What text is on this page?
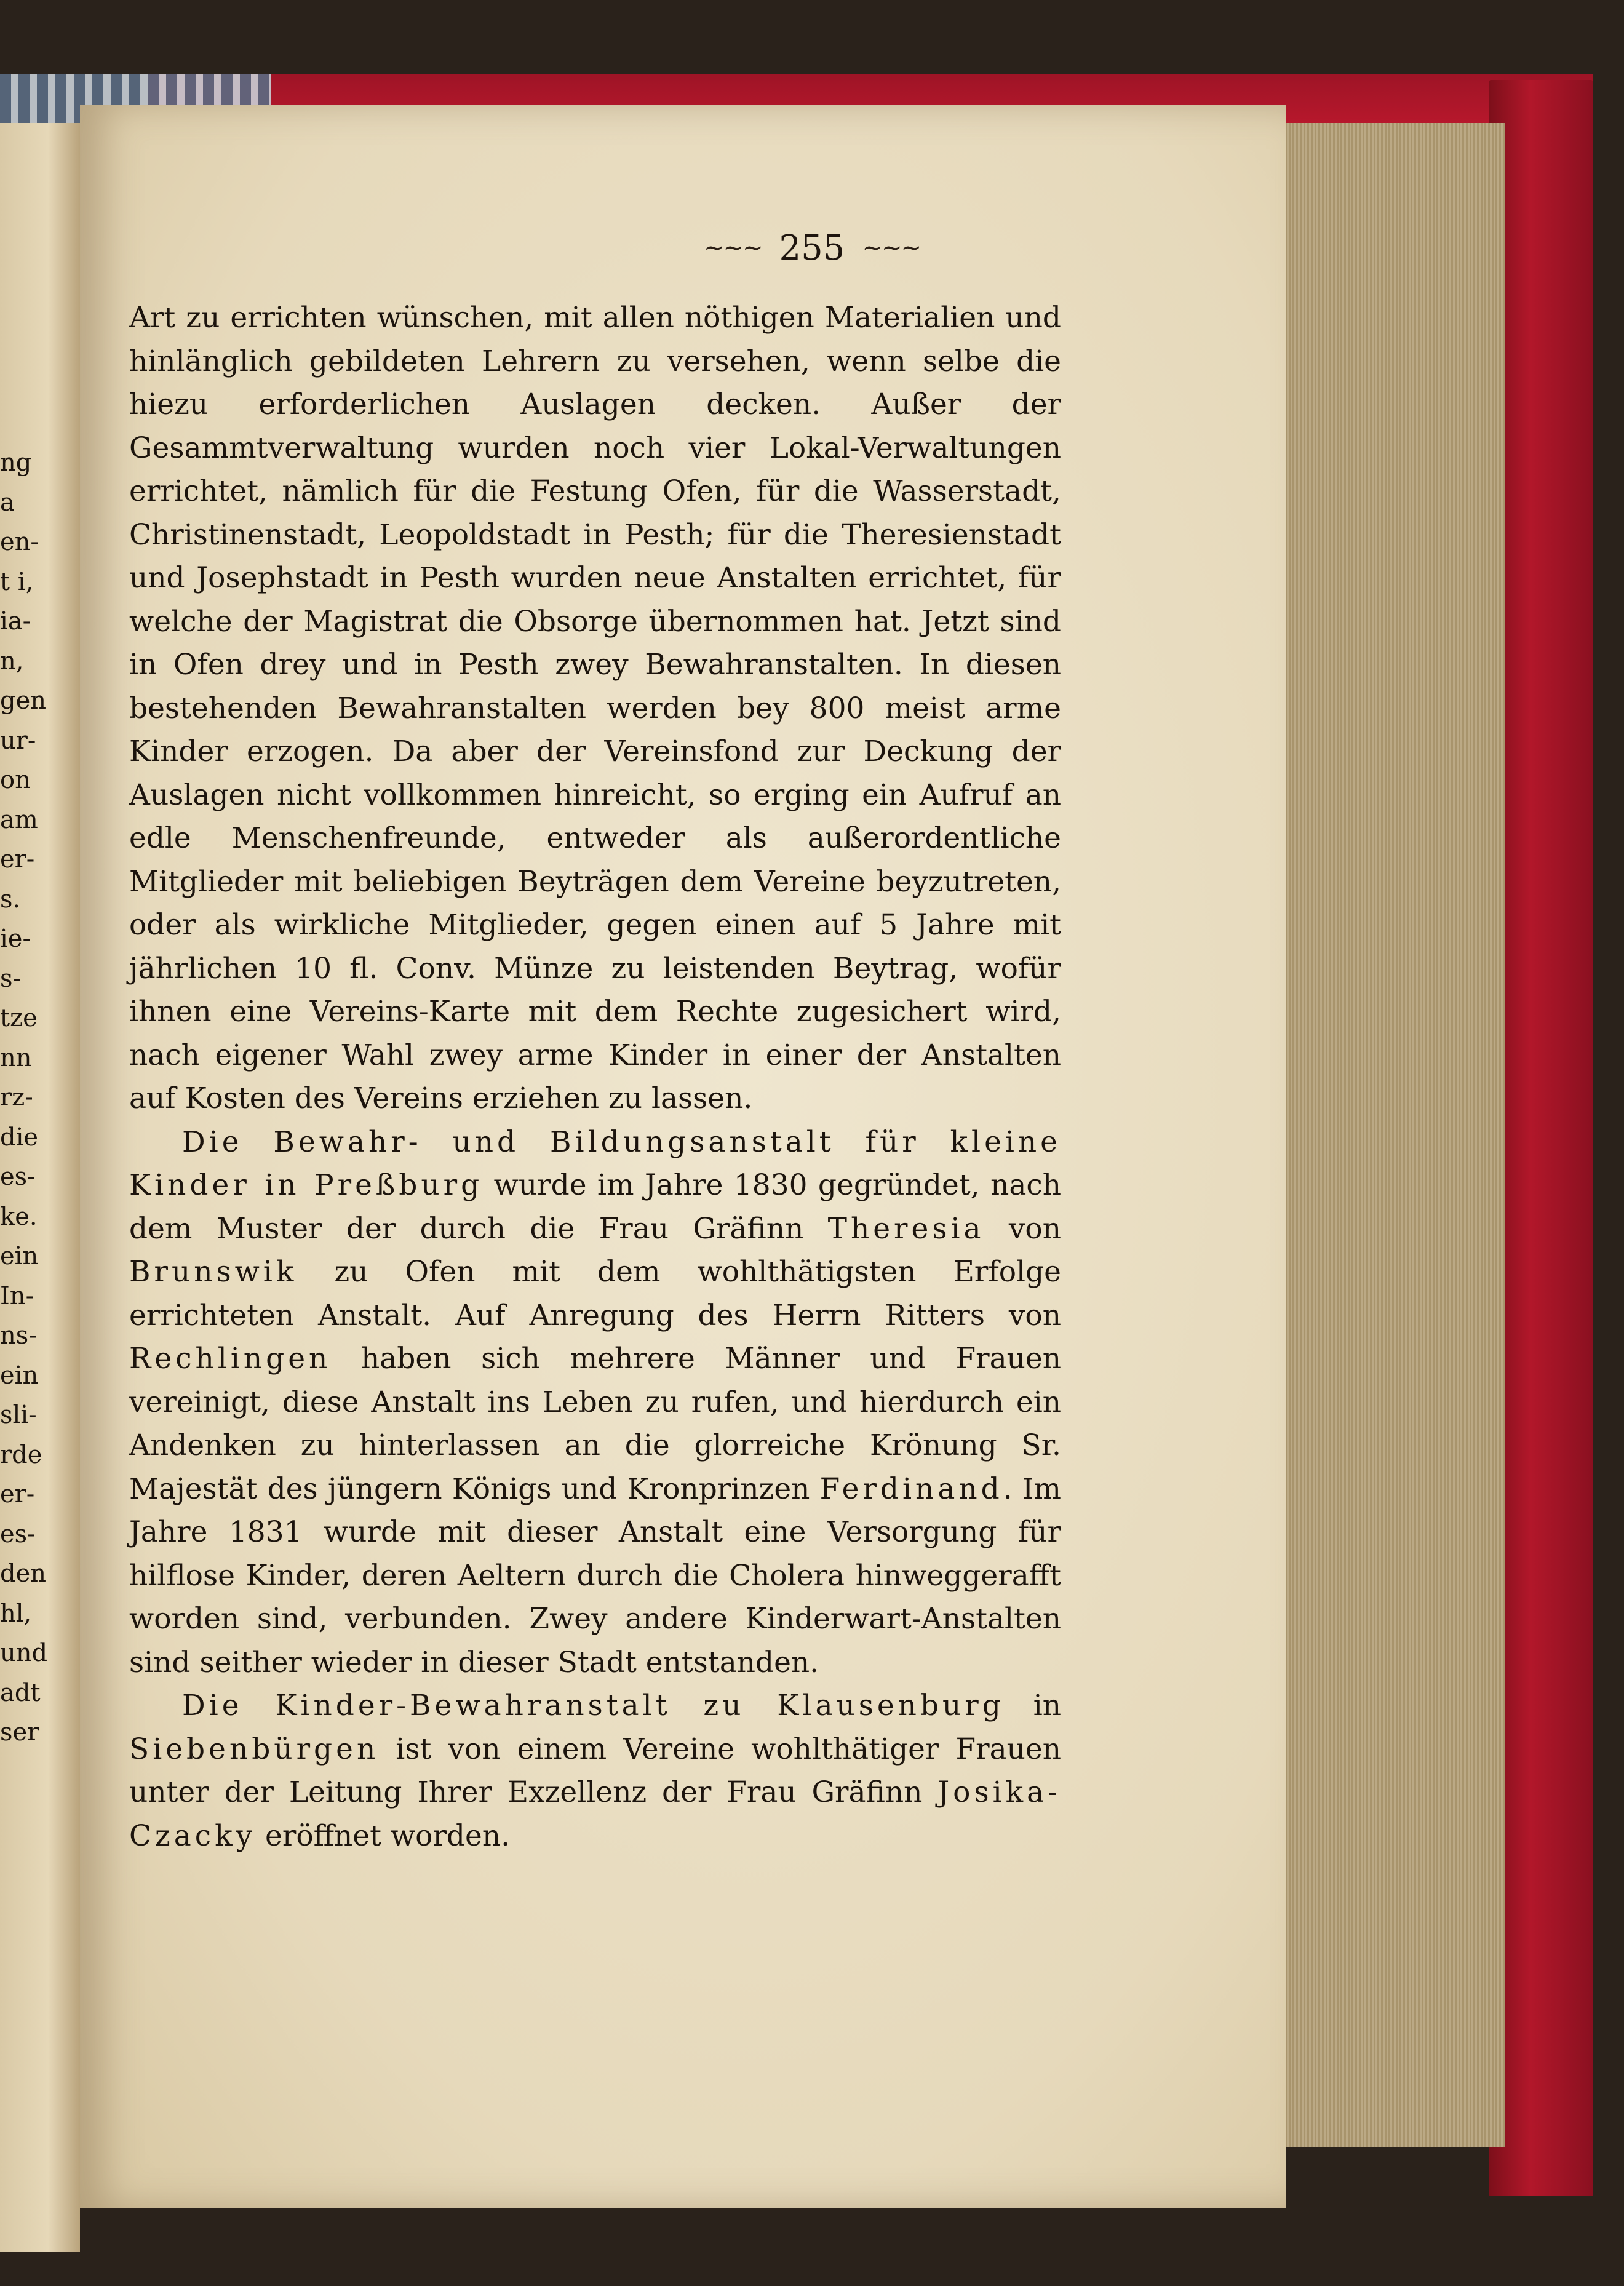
ng
a
en-
t i,
ia-
n,
gen
ur-
on
am
er-
s.
ie-
s-
tze
nn
rz-
die
es-
ke.
ein
In-
ns-
ein
sli-
rde
er-
es-
den
hl,
und
adt
ser
~~~ 255 ~~~

Art zu errichten wünschen, mit allen nöthigen Materialien und hinlänglich gebildeten Lehrern zu versehen, wenn selbe die hiezu erforderlichen Auslagen decken. Außer der Gesammtverwaltung wurden noch vier Lokal-Verwaltungen errichtet, nämlich für die Festung Ofen, für die Wasserstadt, Christinenstadt, Leopoldstadt in Pesth; für die Theresienstadt und Josephstadt in Pesth wurden neue Anstalten errichtet, für welche der Magistrat die Obsorge übernommen hat. Jetzt sind in Ofen drey und in Pesth zwey Bewahranstalten. In diesen bestehenden Bewahranstalten werden bey 800 meist arme Kinder erzogen. Da aber der Vereinsfond zur Deckung der Auslagen nicht vollkommen hinreicht, so erging ein Aufruf an edle Menschenfreunde, entweder als außerordentliche Mitglieder mit beliebigen Beyträgen dem Vereine beyzutreten, oder als wirkliche Mitglieder, gegen einen auf 5 Jahre mit jährlichen 10 fl. Conv. Münze zu leistenden Beytrag, wofür ihnen eine Vereins-Karte mit dem Rechte zugesichert wird, nach eigener Wahl zwey arme Kinder in einer der Anstalten auf Kosten des Vereins erziehen zu lassen.

Die Bewahr- und Bildungsanstalt für kleine Kinder in Preßburg wurde im Jahre 1830 gegründet, nach dem Muster der durch die Frau Gräfinn Theresia von Brunswik zu Ofen mit dem wohlthätigsten Erfolge errichteten Anstalt. Auf Anregung des Herrn Ritters von Rechlingen haben sich mehrere Männer und Frauen vereinigt, diese Anstalt ins Leben zu rufen, und hierdurch ein Andenken zu hinterlassen an die glorreiche Krönung Sr. Majestät des jüngern Königs und Kronprinzen Ferdinand. Im Jahre 1831 wurde mit dieser Anstalt eine Versorgung für hilflose Kinder, deren Aeltern durch die Cholera hinweggerafft worden sind, verbunden. Zwey andere Kinderwart-Anstalten sind seither wieder in dieser Stadt entstanden.

Die Kinder-Bewahranstalt zu Klausenburg in Siebenbürgen ist von einem Vereine wohlthätiger Frauen unter der Leitung Ihrer Exzellenz der Frau Gräfinn Josika-Czacky eröffnet worden.
